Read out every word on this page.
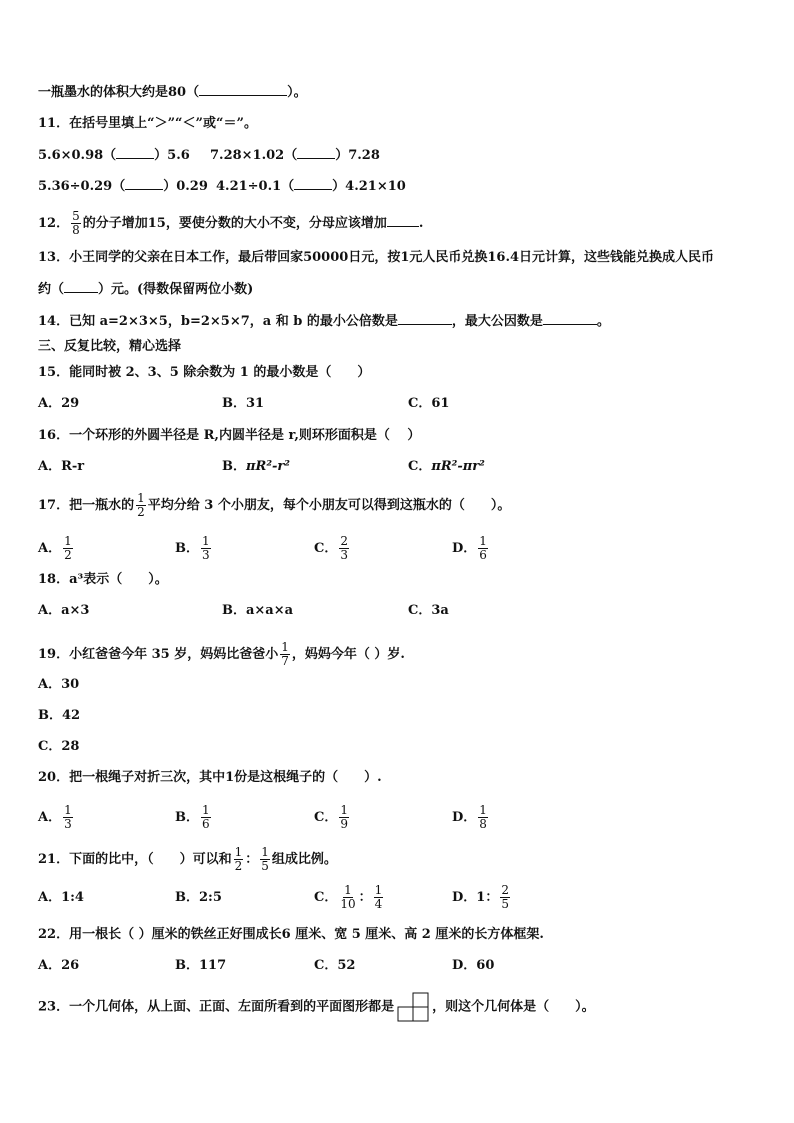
一瓶墨水的体积大约是80（	）。
11．在括号里填上“＞”“＜”或“＝”。
5.6×0.98（	）5.6 7.28×1.02（	）7.28
5.36÷0.29（	）0.29 4.21÷0.1（	）4.21×10
12． $\frac{5}{8}$ 的分子增加15，要使分数的大小不变，分母应该增加 .
13．小王同学的父亲在日本工作，最后带回家50000日元，按1元人民币兑换16.4日元计算，这些钱能兑换成人民币
约（	）元。(得数保留两位小数)
14．已知 a=2×3×5，b=2×5×7，a 和 b 的最小公倍数是	，最大公因数是	。
三、反复比较，精心选择
15．能同时被 2、3、5 除余数为 1 的最小数是（　　）
A．29	B．31	C．61
16．一个环形的外圆半径是 R,内圆半径是 r,则环形面积是（　 ）
A．R-r	B．πR²-r²	C．πR²-πr²
17．把一瓶水的 $\frac{1}{2}$ 平均分给 3 个小朋友，每个小朋友可以得到这瓶水的（　　）。
A． $\frac{1}{2}$	B． $\frac{1}{3}$	C． $\frac{2}{3}$	D． $\frac{1}{6}$
18．a³表示（　　）。
A．a×3	B．a×a×a	C．3a
19．小红爸爸今年 35 岁，妈妈比爸爸小 $\frac{1}{7}$ ，妈妈今年（ ）岁.
A．30
B．42
C．28
20．把一根绳子对折三次，其中1份是这根绳子的（　　）.
A． $\frac{1}{3}$	B． $\frac{1}{6}$	C． $\frac{1}{9}$	D． $\frac{1}{8}$
21．下面的比中，（　　）可以和 $\frac{1}{2}$ ： $\frac{1}{5}$ 组成比例。
A．1:4	B．2:5	C． $\frac{1}{10}$ ： $\frac{1}{4}$	D．1： $\frac{2}{5}$
22．用一根长（ ）厘米的铁丝正好围成长6 厘米、宽 5 厘米、高 2 厘米的长方体框架.
A．26	B．117	C．52	D．60
23．一个几何体，从上面、正面、左面所看到的平面图形都是	，则这个几何体是（　　）。
